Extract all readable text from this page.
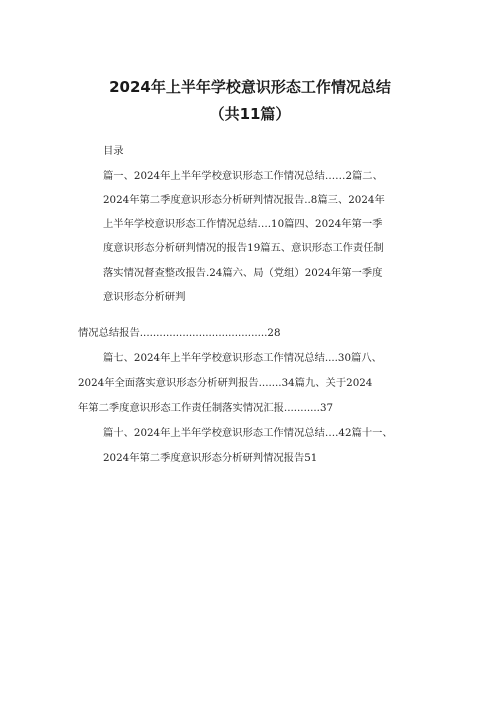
2024年上半年学校意识形态工作情况总结
（共11篇）
目录
篇一、2024年上半年学校意识形态工作情况总结……2篇二、
2024年第二季度意识形态分析研判情况报告..8篇三、2024年
上半年学校意识形态工作情况总结….10篇四、2024年第一季
度意识形态分析研判情况的报告19篇五、意识形态工作责任制
落实情况督查整改报告.24篇六、局（党组）2024年第一季度
意识形态分析研判
情况总结报告.......................................28
篇七、2024年上半年学校意识形态工作情况总结....30篇八、
2024年全面落实意识形态分析研判报告.......34篇九、关于2024
年第二季度意识形态工作责任制落实情况汇报...........37
篇十、2024年上半年学校意识形态工作情况总结….42篇十一、
2024年第二季度意识形态分析研判情况报告51
